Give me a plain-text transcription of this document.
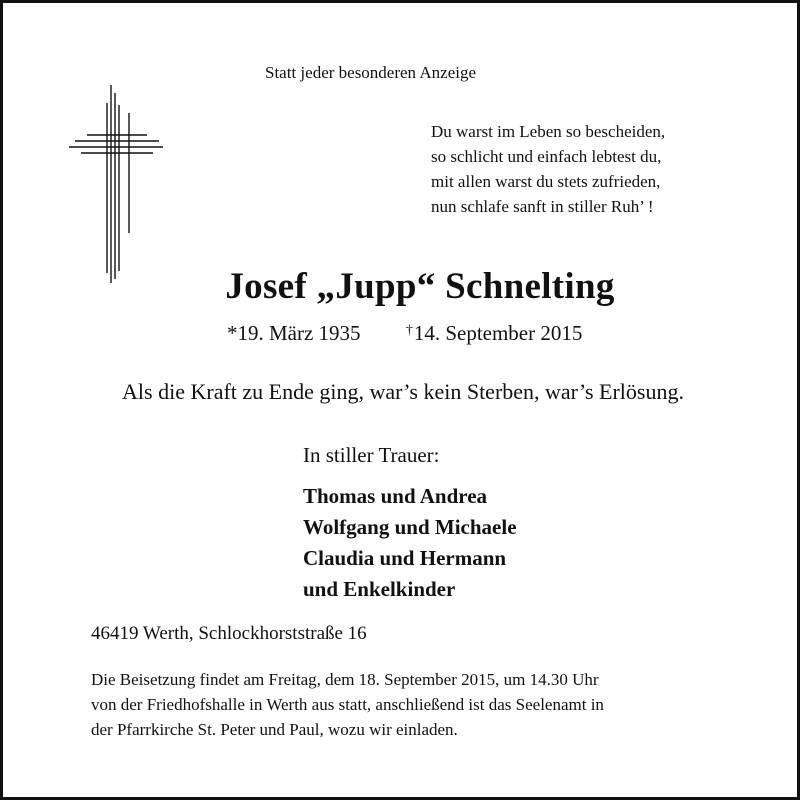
Statt jeder besonderen Anzeige
Du warst im Leben so bescheiden,
so schlicht und einfach lebtest du,
mit allen warst du stets zufrieden,
nun schlafe sanft in stiller Ruh’ !
Josef „Jupp“ Schnelting
*19. März 1935	†14. September 2015
Als die Kraft zu Ende ging, war’s kein Sterben, war’s Erlösung.
In stiller Trauer:
Thomas und Andrea
Wolfgang und Michaele
Claudia und Hermann
und Enkelkinder
46419 Werth, Schlockhorststraße 16
Die Beisetzung findet am Freitag, dem 18. September 2015, um 14.30 Uhr
von der Friedhofshalle in Werth aus statt, anschließend ist das Seelenamt in
der Pfarrkirche St. Peter und Paul, wozu wir einladen.
